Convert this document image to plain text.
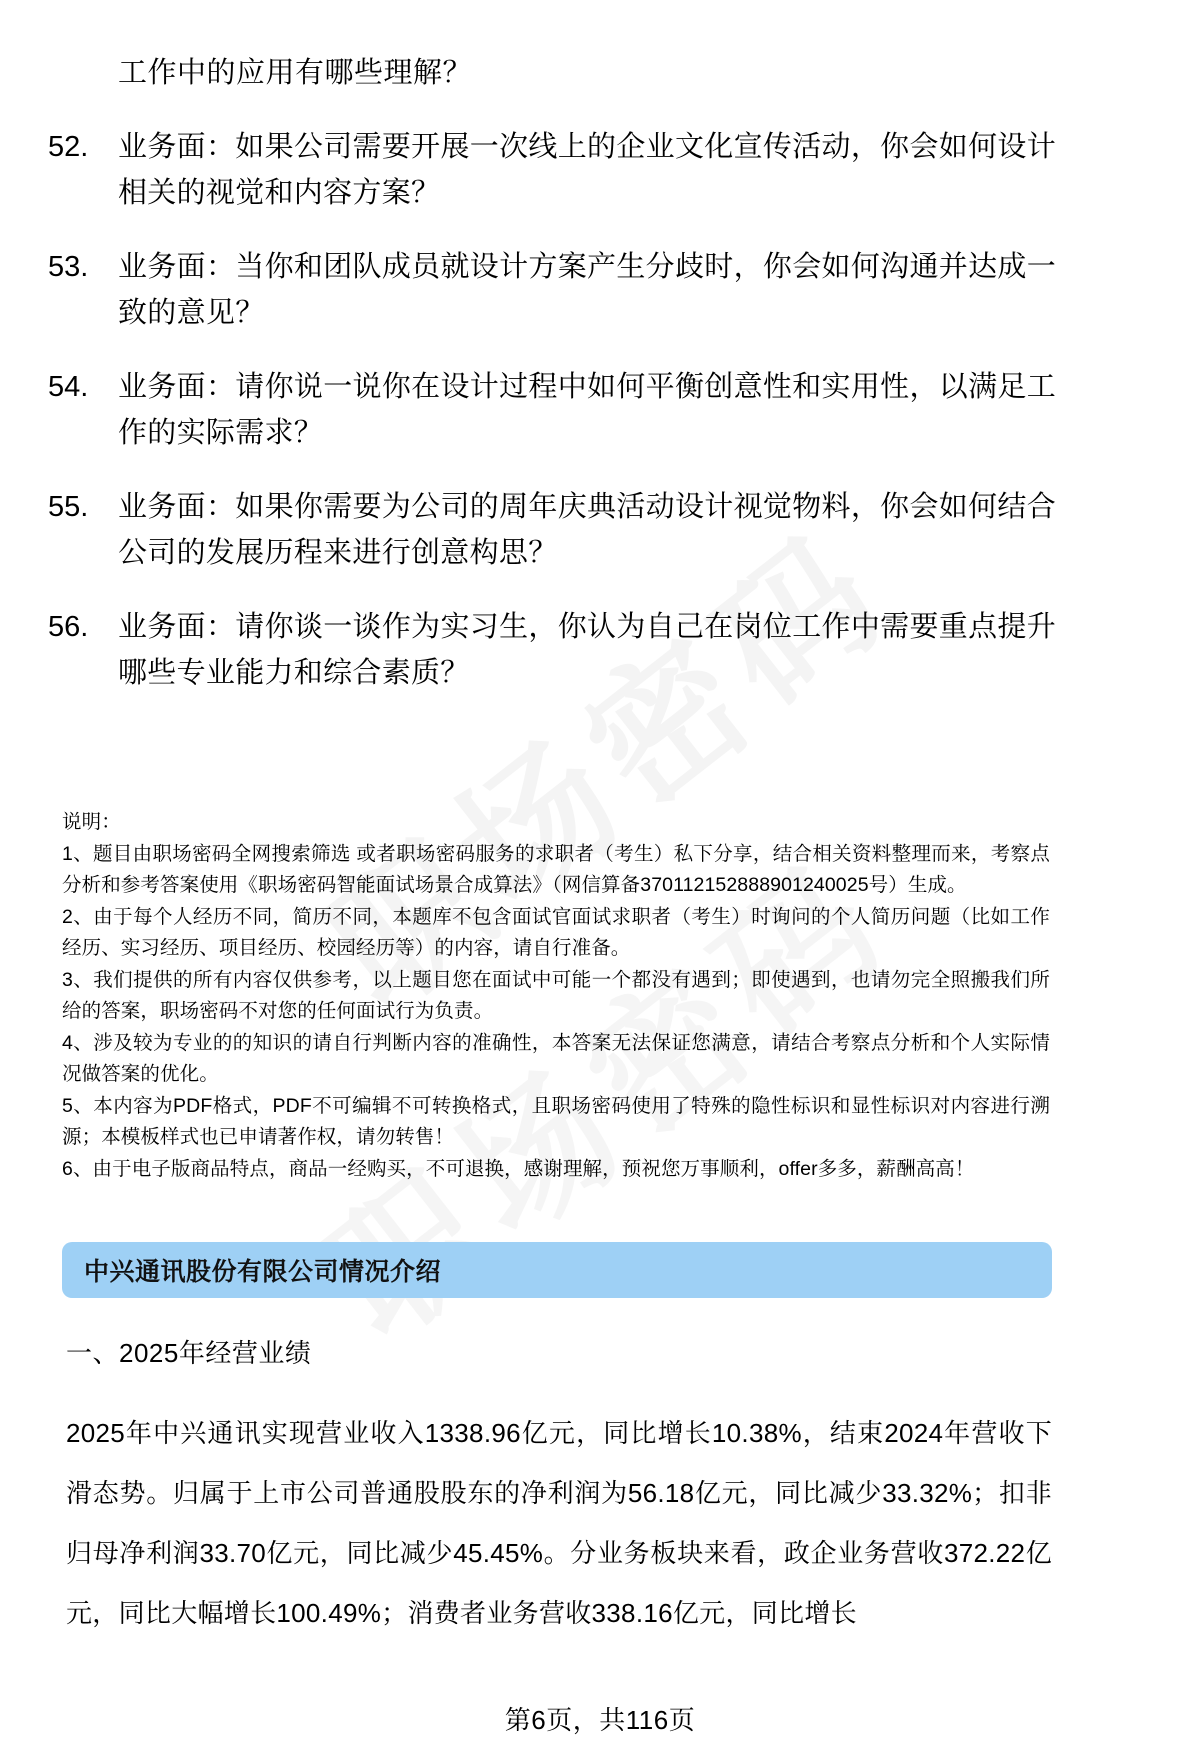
工作中的应用有哪些理解？
52.	业务面：如果公司需要开展一次线上的企业文化宣传活动，你会如何设计相关的视觉和内容方案？
53.	业务面：当你和团队成员就设计方案产生分歧时，你会如何沟通并达成一致的意见？
54.	业务面：请你说一说你在设计过程中如何平衡创意性和实用性，以满足工作的实际需求？
55.	业务面：如果你需要为公司的周年庆典活动设计视觉物料，你会如何结合公司的发展历程来进行创意构思？
56.	业务面：请你谈一谈作为实习生，你认为自己在岗位工作中需要重点提升哪些专业能力和综合素质？

说明：

1、题目由职场密码全网搜索筛选 或者职场密码服务的求职者（考生）私下分享，结合相关资料整理而来，考察点分析和参考答案使用《职场密码智能面试场景合成算法》（网信算备370112152888901240025号）生成。

2、由于每个人经历不同，简历不同，本题库不包含面试官面试求职者（考生）时询问的个人简历问题（比如工作经历、实习经历、项目经历、校园经历等）的内容，请自行准备。

3、我们提供的所有内容仅供参考，以上题目您在面试中可能一个都没有遇到；即使遇到，也请勿完全照搬我们所给的答案，职场密码不对您的任何面试行为负责。

4、涉及较为专业的的知识的请自行判断内容的准确性，本答案无法保证您满意，请结合考察点分析和个人实际情况做答案的优化。

5、本内容为PDF格式，PDF不可编辑不可转换格式，且职场密码使用了特殊的隐性标识和显性标识对内容进行溯源；本模板样式也已申请著作权，请勿转售！

6、由于电子版商品特点，商品一经购买，不可退换，感谢理解，预祝您万事顺利，offer多多，薪酬高高！

中兴通讯股份有限公司情况介绍
一、2025年经营业绩
2025年中兴通讯实现营业收入1338.96亿元，同比增长10.38%，结束2024年营收下滑态势。归属于上市公司普通股股东的净利润为56.18亿元，同比减少33.32%；扣非归母净利润33.70亿元，同比减少45.45%。分业务板块来看，政企业务营收372.22亿元，同比大幅增长100.49%；消费者业务营收338.16亿元，同比增长
第6页，共116页
